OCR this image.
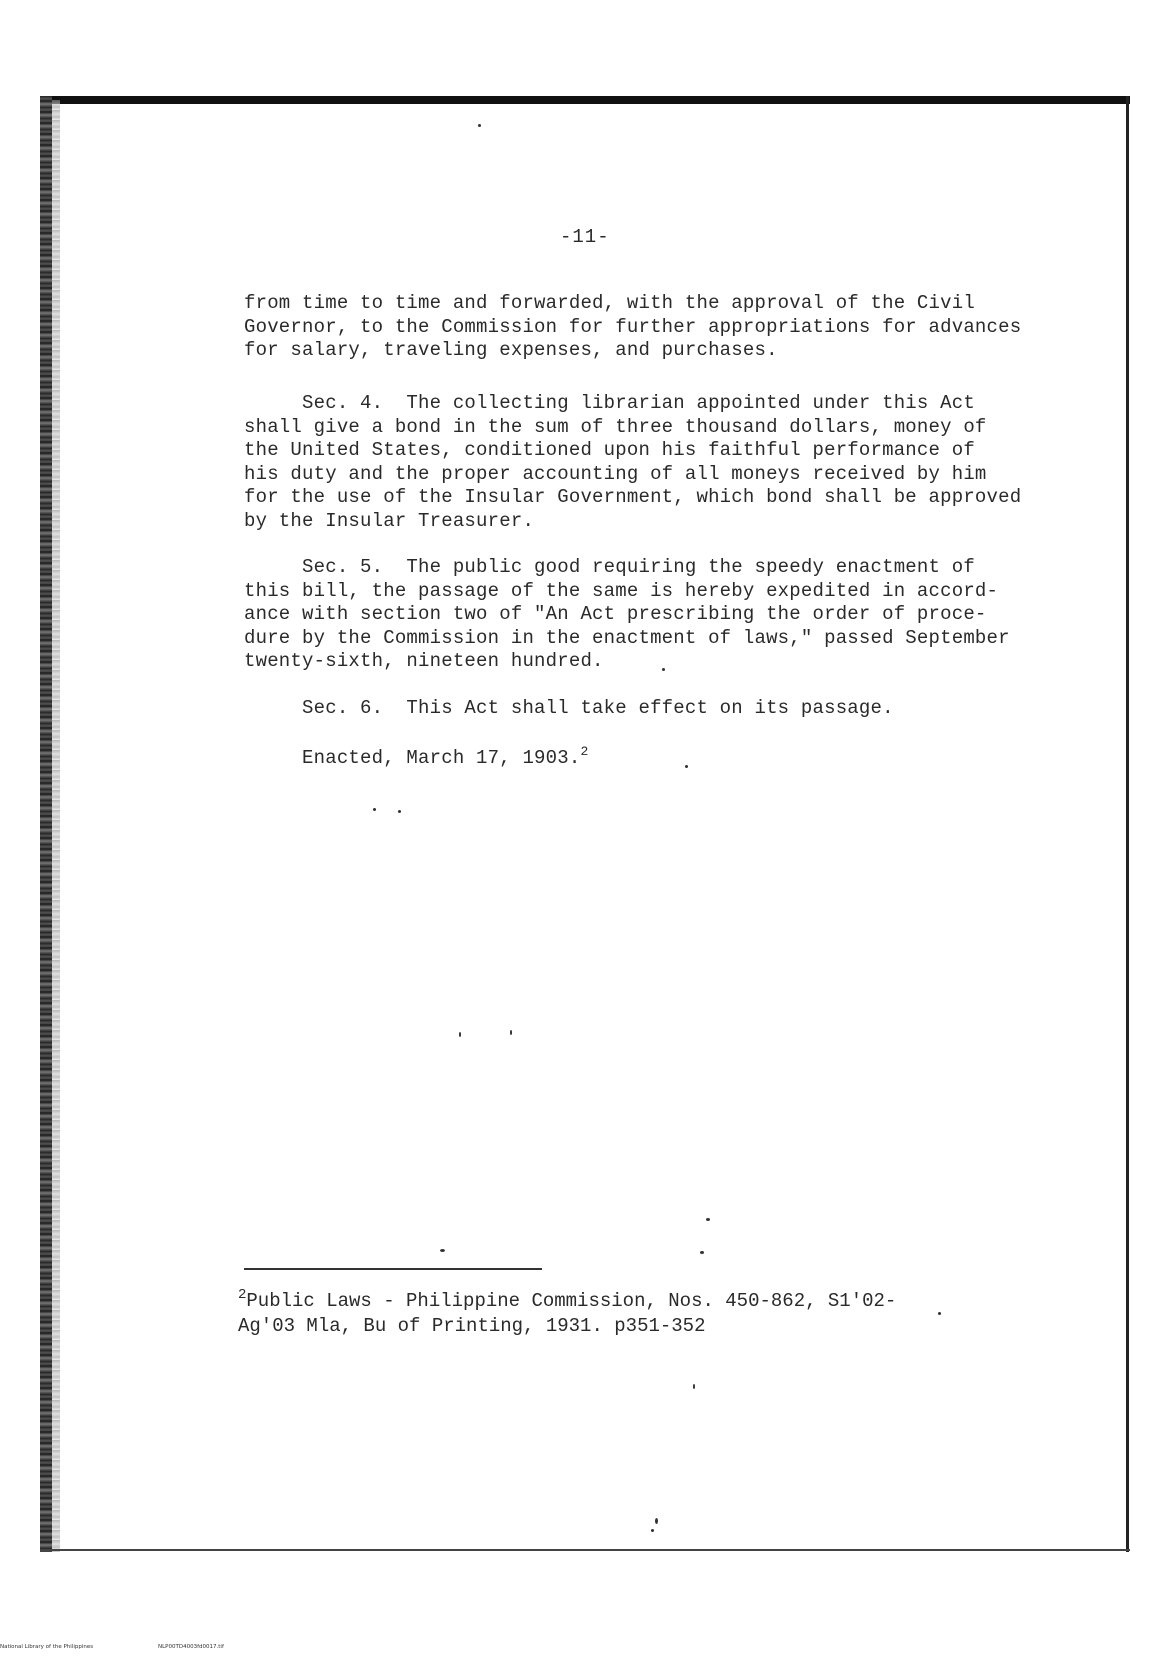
-11-
from time to time and forwarded, with the approval of the Civil
Governor, to the Commission for further appropriations for advances
for salary, traveling expenses, and purchases.
Sec. 4.  The collecting librarian appointed under this Act
shall give a bond in the sum of three thousand dollars, money of
the United States, conditioned upon his faithful performance of
his duty and the proper accounting of all moneys received by him
for the use of the Insular Government, which bond shall be approved
by the Insular Treasurer.
Sec. 5.  The public good requiring the speedy enactment of
this bill, the passage of the same is hereby expedited in accord-
ance with section two of "An Act prescribing the order of proce-
dure by the Commission in the enactment of laws," passed September
twenty-sixth, nineteen hundred.
Sec. 6.  This Act shall take effect on its passage.
Enacted, March 17, 1903.$^2$
$^2$Public Laws - Philippine Commission, Nos. 450-862, S1'02-
Ag'03 Mla, Bu of Printing, 1931. p351-352
National Library of the Philippines	NLP00TD4003fd0017.tif
